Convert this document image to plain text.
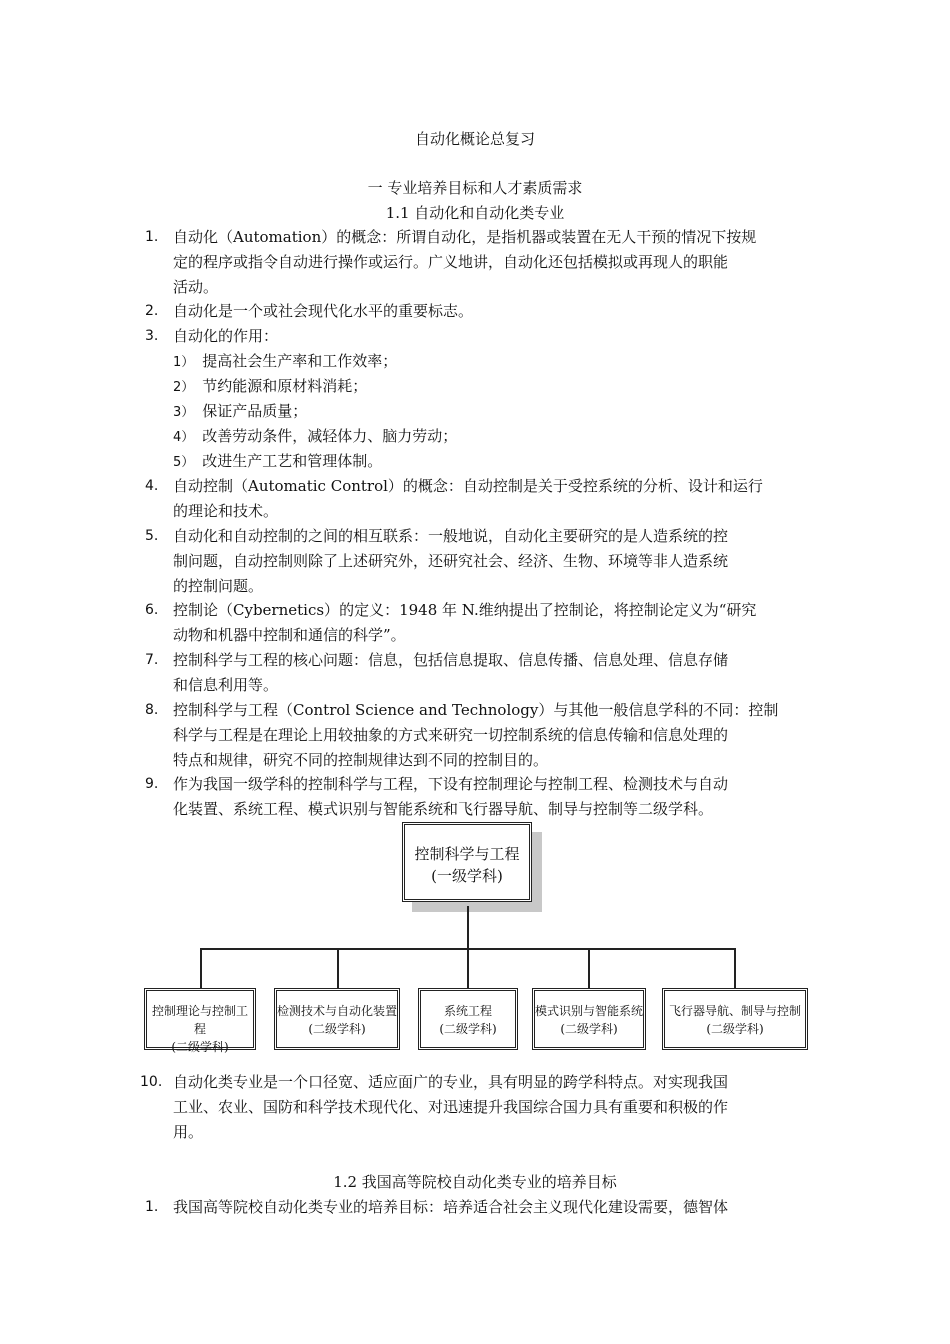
自动化概论总复习
一 专业培养目标和人才素质需求
1.1 自动化和自动化类专业
1. 自动化（Automation）的概念：所谓自动化，是指机器或装置在无人干预的情况下按规
定的程序或指令自动进行操作或运行。广义地讲，自动化还包括模拟或再现人的职能
活动。
2. 自动化是一个或社会现代化水平的重要标志。
3. 自动化的作用：
1） 提高社会生产率和工作效率；
2） 节约能源和原材料消耗；
3） 保证产品质量；
4） 改善劳动条件，减轻体力、脑力劳动；
5） 改进生产工艺和管理体制。
4. 自动控制（Automatic Control）的概念：自动控制是关于受控系统的分析、设计和运行
的理论和技术。
5. 自动化和自动控制的之间的相互联系：一般地说，自动化主要研究的是人造系统的控
制问题，自动控制则除了上述研究外，还研究社会、经济、生物、环境等非人造系统
的控制问题。
6. 控制论（Cybernetics）的定义：1948 年 N.维纳提出了控制论，将控制论定义为“研究
动物和机器中控制和通信的科学”。
7. 控制科学与工程的核心问题：信息，包括信息提取、信息传播、信息处理、信息存储
和信息利用等。
8. 控制科学与工程（Control Science and Technology）与其他一般信息学科的不同：控制
科学与工程是在理论上用较抽象的方式来研究一切控制系统的信息传输和信息处理的
特点和规律，研究不同的控制规律达到不同的控制目的。
9. 作为我国一级学科的控制科学与工程，下设有控制理论与控制工程、检测技术与自动
化装置、系统工程、模式识别与智能系统和飞行器导航、制导与控制等二级学科。
控制科学与工程
(一级学科)
控制理论与控制工程
(二级学科)
检测技术与自动化装置
(二级学科)
系统工程
(二级学科)
模式识别与智能系统
(二级学科)
飞行器导航、制导与控制
(二级学科)
10. 自动化类专业是一个口径宽、适应面广的专业，具有明显的跨学科特点。对实现我国
工业、农业、国防和科学技术现代化、对迅速提升我国综合国力具有重要和积极的作
用。
1.2 我国高等院校自动化类专业的培养目标
1. 我国高等院校自动化类专业的培养目标：培养适合社会主义现代化建设需要，德智体
